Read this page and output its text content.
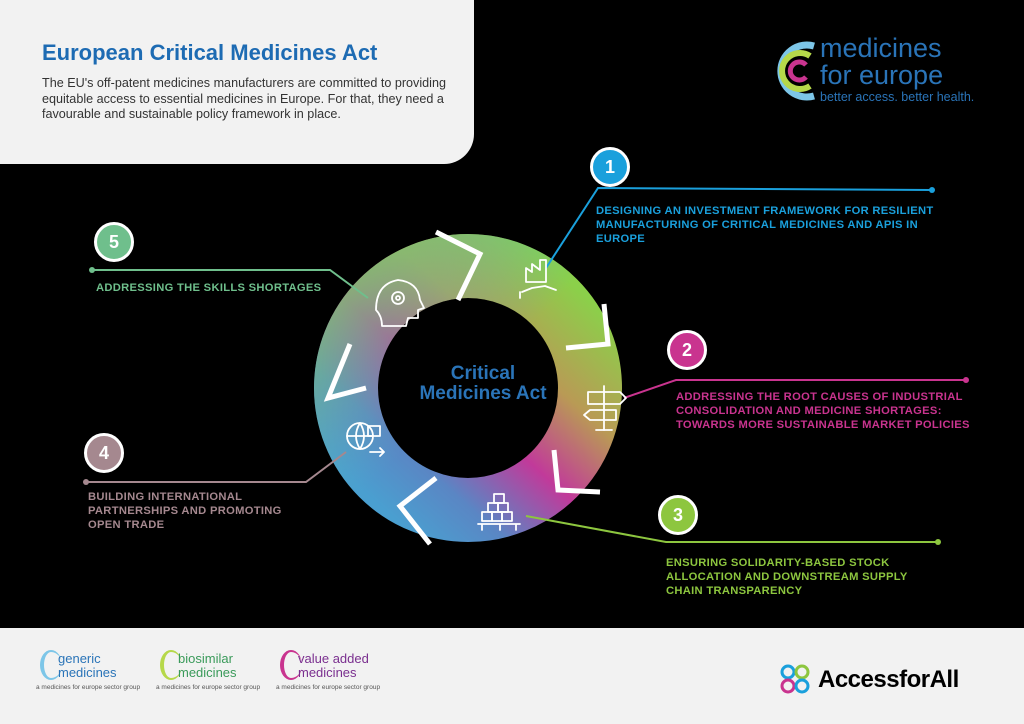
European Critical Medicines Act

The EU's off-patent medicines manufacturers are committed to providing equitable access to essential medicines in Europe. For that, they need a favourable and sustainable policy framework in place.

medicines
for europe
better access. better health.
Critical Medicines Act
1
2
3
4
5
DESIGNING AN INVESTMENT FRAMEWORK FOR RESILIENT MANUFACTURING OF CRITICAL MEDICINES AND APIS IN EUROPE
ADDRESSING THE ROOT CAUSES OF INDUSTRIAL CONSOLIDATION AND MEDICINE SHORTAGES: TOWARDS MORE SUSTAINABLE MARKET POLICIES
ENSURING SOLIDARITY-BASED STOCK ALLOCATION AND DOWNSTREAM SUPPLY CHAIN TRANSPARENCY
BUILDING INTERNATIONAL PARTNERSHIPS AND PROMOTING OPEN TRADE
ADDRESSING THE SKILLS SHORTAGES
generic
medicines
a medicines for europe sector group
biosimilar
medicines
a medicines for europe sector group
value added
medicines
a medicines for europe sector group	AccessforAll
